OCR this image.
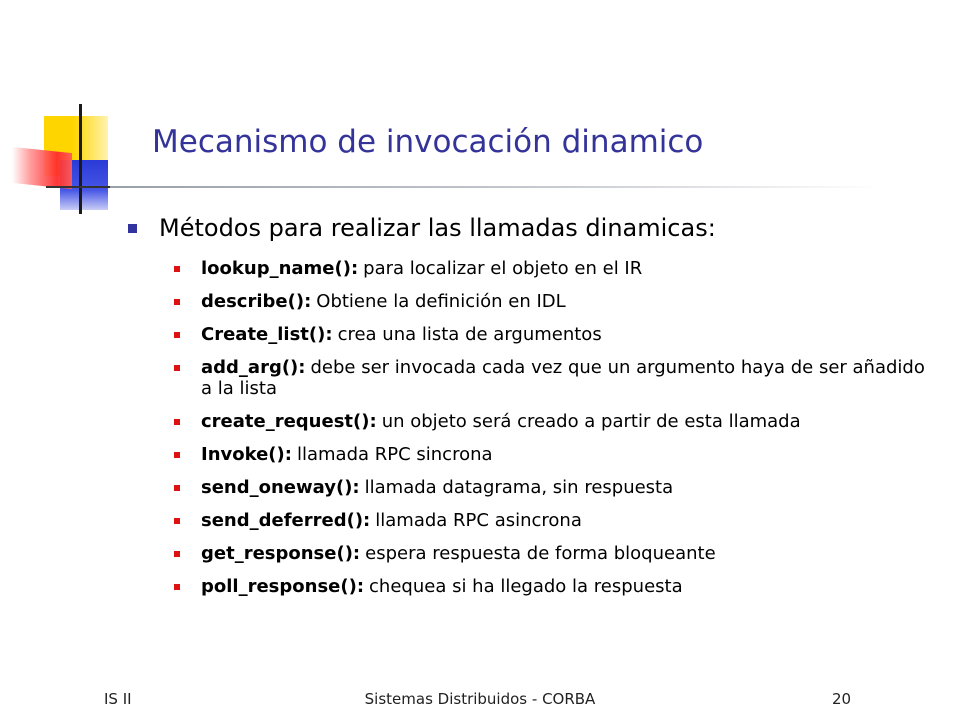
Mecanismo de invocación dinamico
Métodos para realizar las llamadas dinamicas:
lookup_name(): para localizar el objeto en el IR
describe(): Obtiene la definición en IDL
Create_list(): crea una lista de argumentos
add_arg(): debe ser invocada cada vez que un argumento haya de ser añadido a la lista
create_request(): un objeto será creado a partir de esta llamada
Invoke(): llamada RPC sincrona
send_oneway(): llamada datagrama, sin respuesta
send_deferred(): llamada RPC asincrona
get_response(): espera respuesta de forma bloqueante
poll_response(): chequea si ha llegado la respuesta
IS II	Sistemas Distribuidos - CORBA	20
